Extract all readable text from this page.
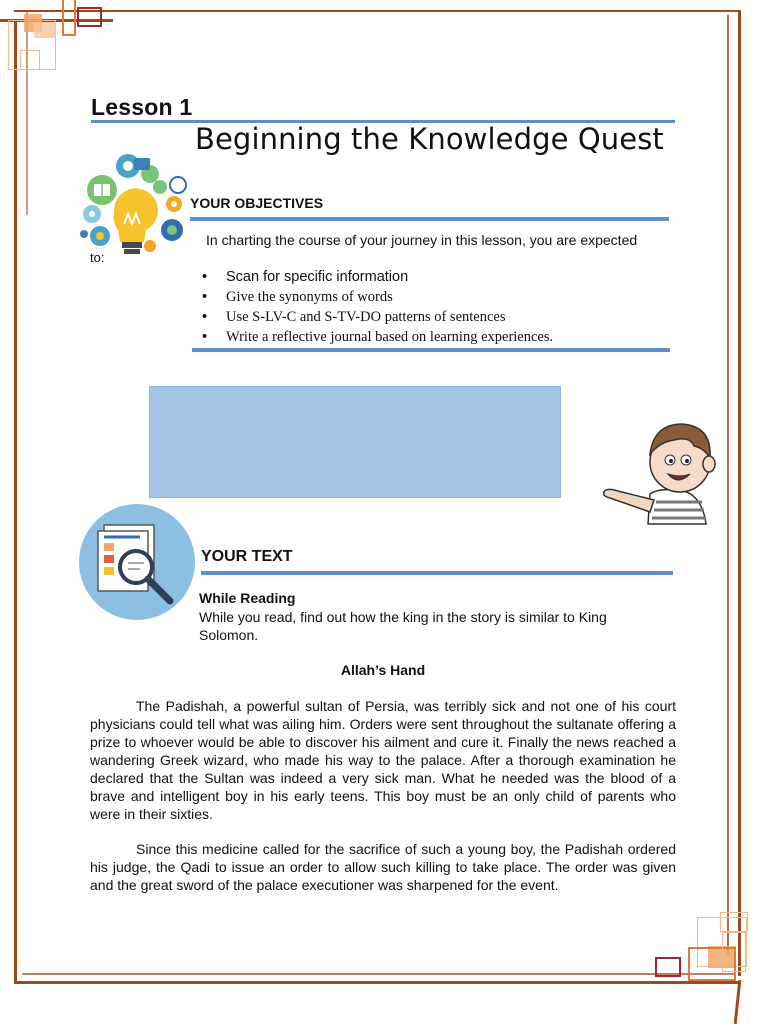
Lesson 1
Beginning the Knowledge Quest
YOUR OBJECTIVES
In charting the course of your journey in this lesson, you are expected
to:
• Scan for specific information
• Give the synonyms of words
• Use S-LV-C and S-TV-DO patterns of sentences
• Write a reflective journal based on learning experiences.
YOUR TEXT
While Reading
While you read, find out how the king in the story is similar to King Solomon.
Allah’s Hand
The Padishah, a powerful sultan of Persia, was terribly sick and not one of his court physicians could tell what was ailing him. Orders were sent throughout the sultanate offering a prize to whoever would be able to discover his ailment and cure it. Finally the news reached a wandering Greek wizard, who made his way to the palace. After a thorough examination he declared that the Sultan was indeed a very sick man. What he needed was the blood of a brave and intelligent boy in his early teens. This boy must be an only child of parents who were in their sixties.
Since this medicine called for the sacrifice of such a young boy, the Padishah ordered his judge, the Qadi to issue an order to allow such killing to take place. The order was given and the great sword of the palace executioner was sharpened for the event.
